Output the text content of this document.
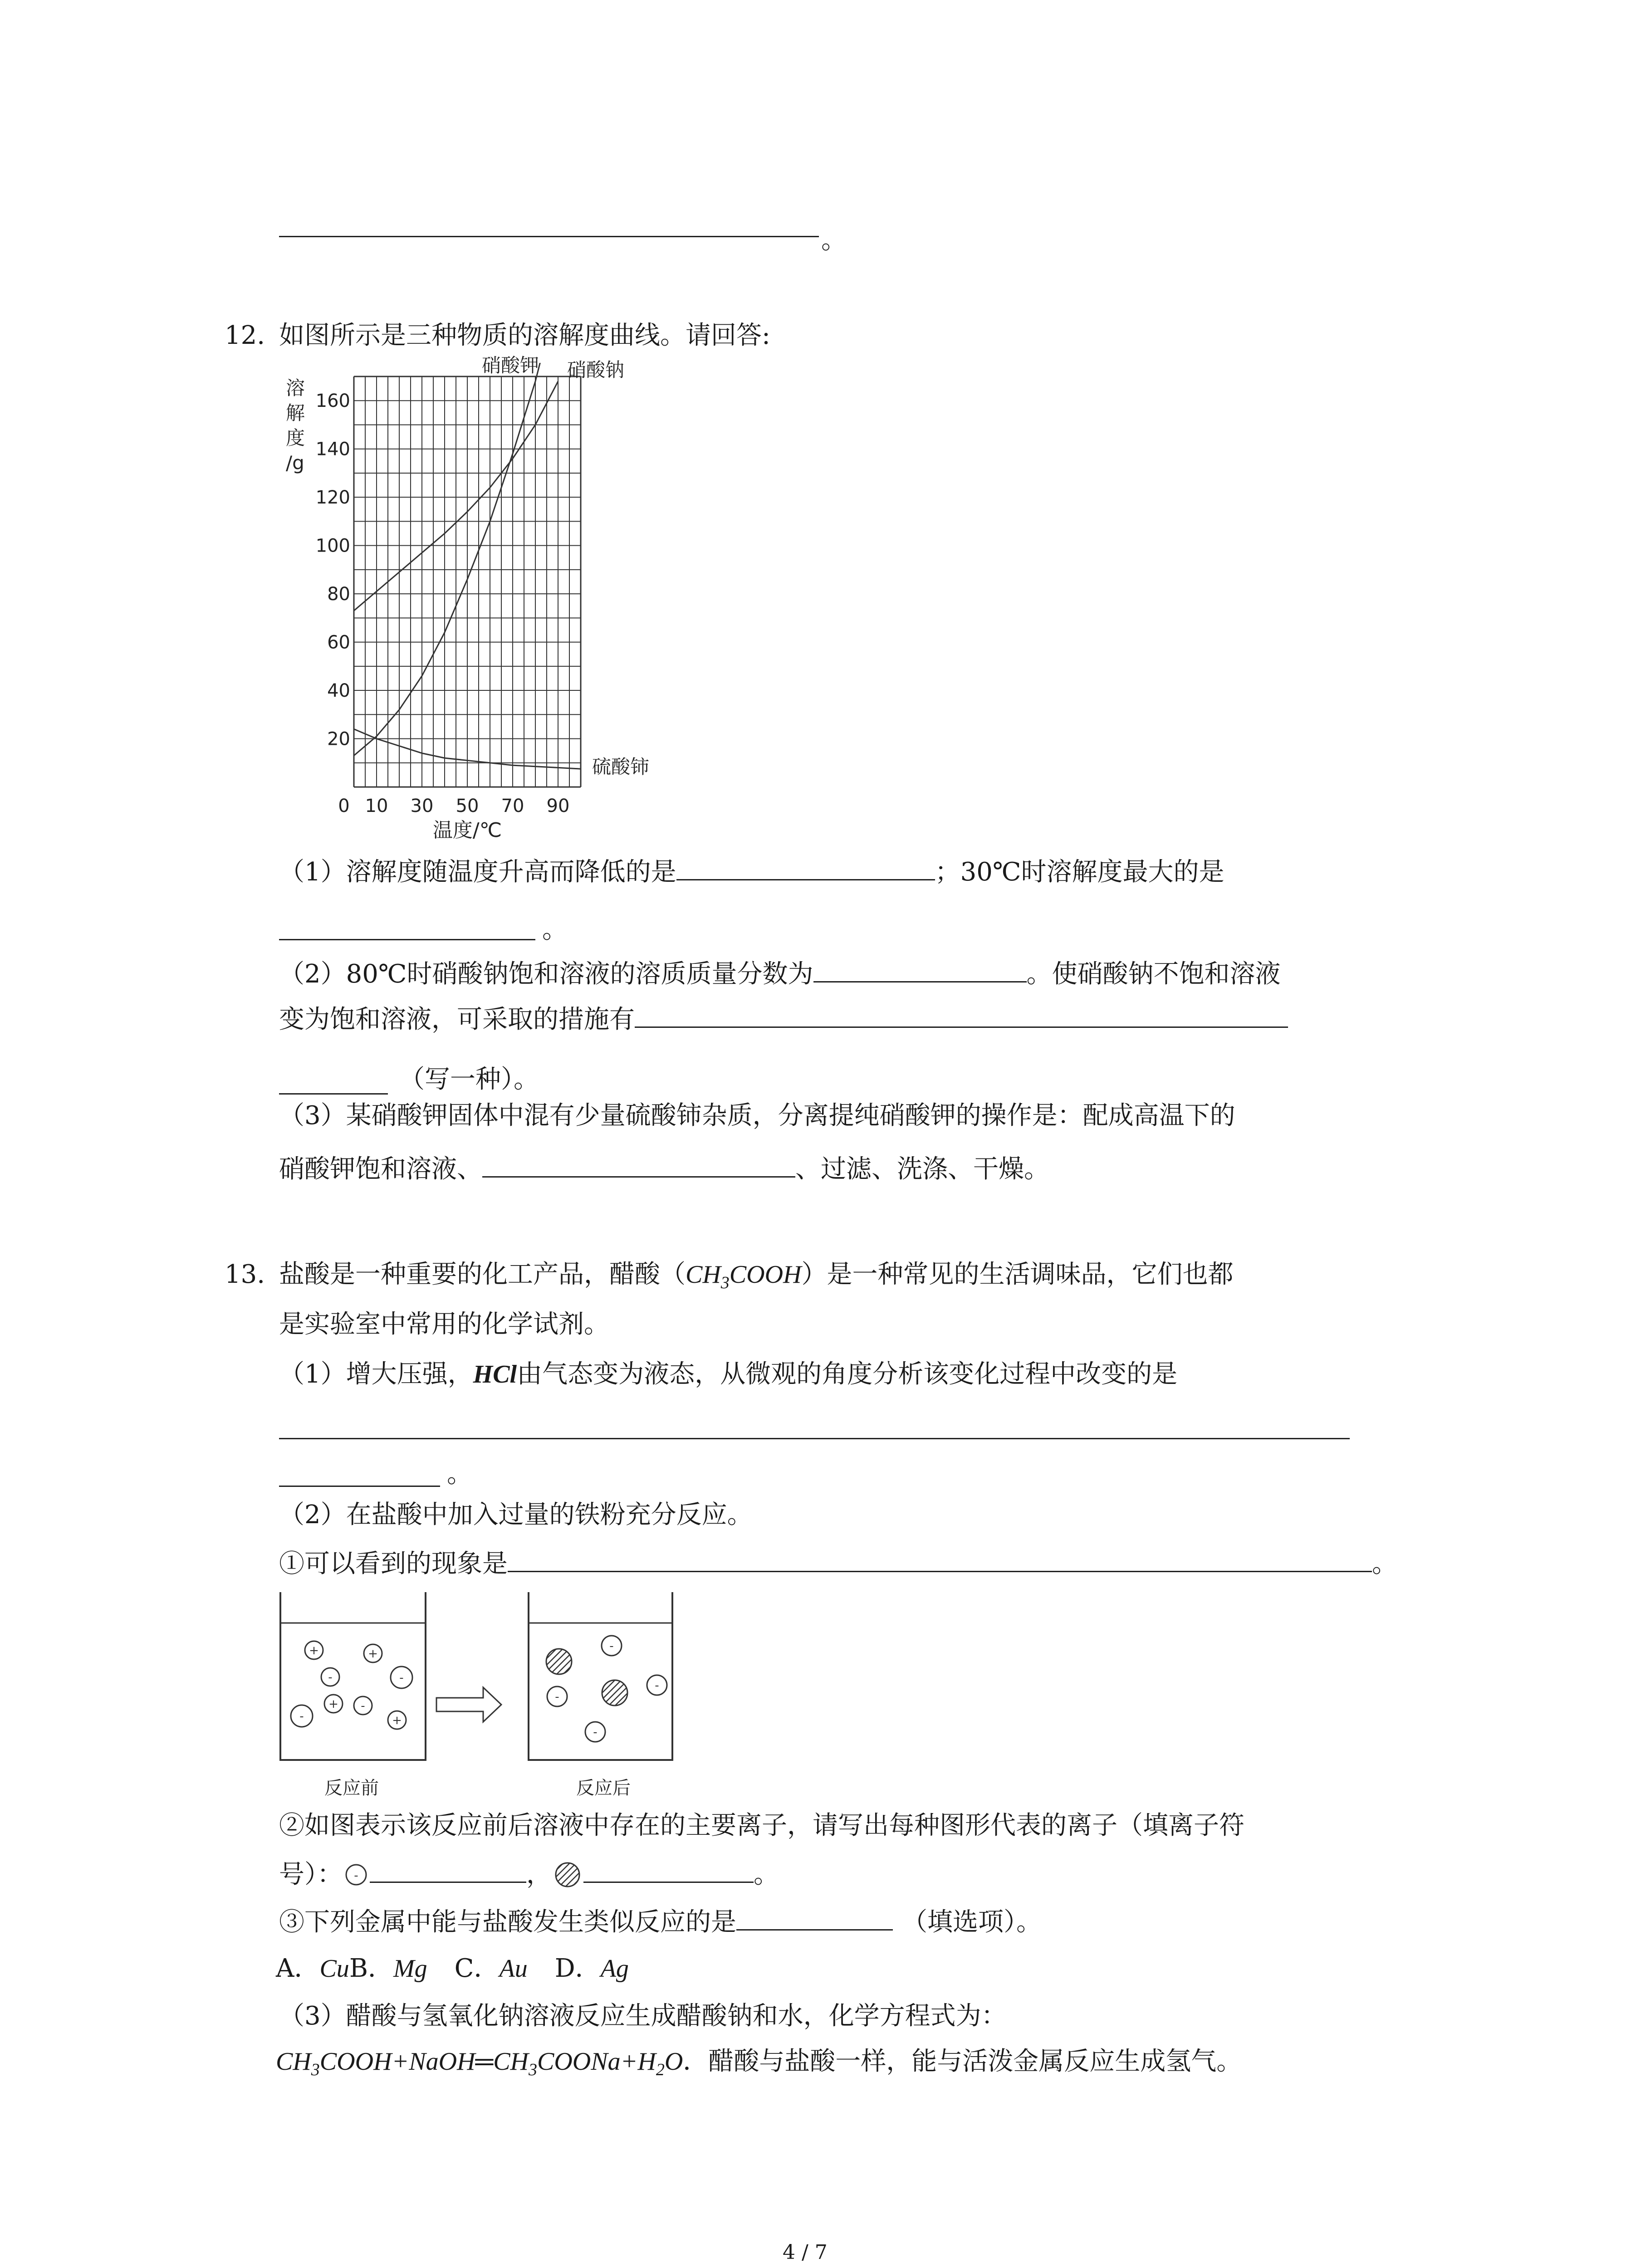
。
12. 如图所示是三种物质的溶解度曲线。请回答:
溶
解
度
/g
20
40
60
80
100
120
140
160
0 10 30 50 70 90
硝酸钾 硝酸钠
硫酸铈
温度/℃
（1）溶解度随温度升高而降低的是	；30℃时溶解度最大的是
。
（2）80℃时硝酸钠饱和溶液的溶质质量分数为	。使硝酸钠不饱和溶液
变为饱和溶液，可采取的措施有
（写一种）。
（3）某硝酸钾固体中混有少量硫酸铈杂质，分离提纯硝酸钾的操作是：配成高温下的
硝酸钾饱和溶液、	、过滤、洗涤、干燥。
13. 盐酸是一种重要的化工产品，醋酸$(CH_3COOH)$是一种常见的生活调味品，它们也都
是实验室中常用的化学试剂。
（1）增大压强，HCl由气态变为液态，从微观的角度分析该变化过程中改变的是
。
（2）在盐酸中加入过量的铁粉充分反应。
①可以看到的现象是	。
+	+
-	-
+ -
-	+
-
-
-
-
反应前	反应后
②如图表示该反应前后溶液中存在的主要离子，请写出每种图形代表的离子（填离子符
号）： -	，	。
③下列金属中能与盐酸发生类似反应的是	（填选项）。
A．CuB．Mg C．Au D．Ag
（3）醋酸与氢氧化钠溶液反应生成醋酸钠和水，化学方程式为：
$CH_3COOH+NaOH═CH_3COONa+H_2O$．醋酸与盐酸一样，能与活泼金属反应生成氢气。
4 / 7
